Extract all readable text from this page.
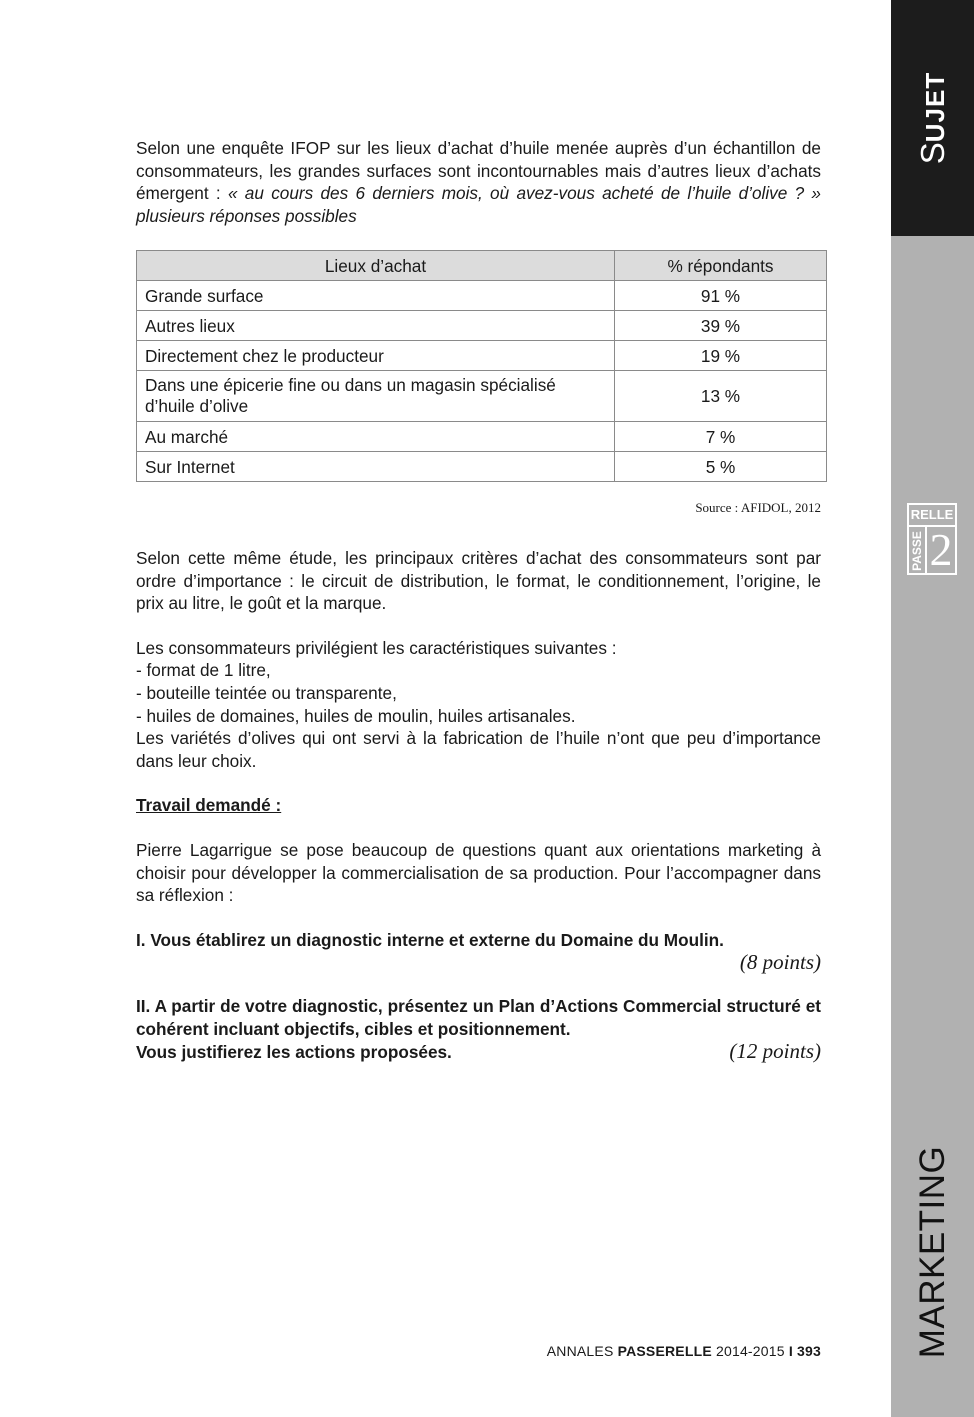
Selon une enquête IFOP sur les lieux d’achat d’huile menée auprès d’un échantillon de consommateurs, les grandes surfaces sont incontournables mais d’autres lieux d’achats émergent : « au cours des 6 derniers mois, où avez-vous acheté de l’huile d’olive ? » plusieurs réponses possibles

Lieux d’achat	% répondants
Grande surface	91 %
Autres lieux	39 %
Directement chez le producteur	19 %
Dans une épicerie fine ou dans un magasin spécialisé d’huile d’olive	13 %
Au marché	7 %
Sur Internet	5 %
Source : AFIDOL, 2012

Selon cette même étude, les principaux critères d’achat des consommateurs sont par ordre d’importance : le circuit de distribution, le format, le conditionnement, l’origine, le prix au litre, le goût et la marque.

Les consommateurs privilégient les caractéristiques suivantes :

- format de 1 litre,

- bouteille teintée ou transparente,

- huiles de domaines, huiles de moulin, huiles artisanales.

Les variétés d’olives qui ont servi à la fabrication de l’huile n’ont que peu d’importance dans leur choix.

Travail demandé :

Pierre Lagarrigue se pose beaucoup de questions quant aux orientations marketing à choisir pour développer la commercialisation de sa production. Pour l’accompagner dans sa réflexion :

I. Vous établirez un diagnostic interne et externe du Domaine du Moulin.

(8 points)

II. A partir de votre diagnostic, présentez un Plan d’Actions Commercial structuré et cohérent incluant objectifs, cibles et positionnement.

Vous justifierez les actions proposées.	(12 points)
ANNALES PASSERELLE 2014-2015 I 393
SUJET
RELLE
PASSE 2
MARKETING
